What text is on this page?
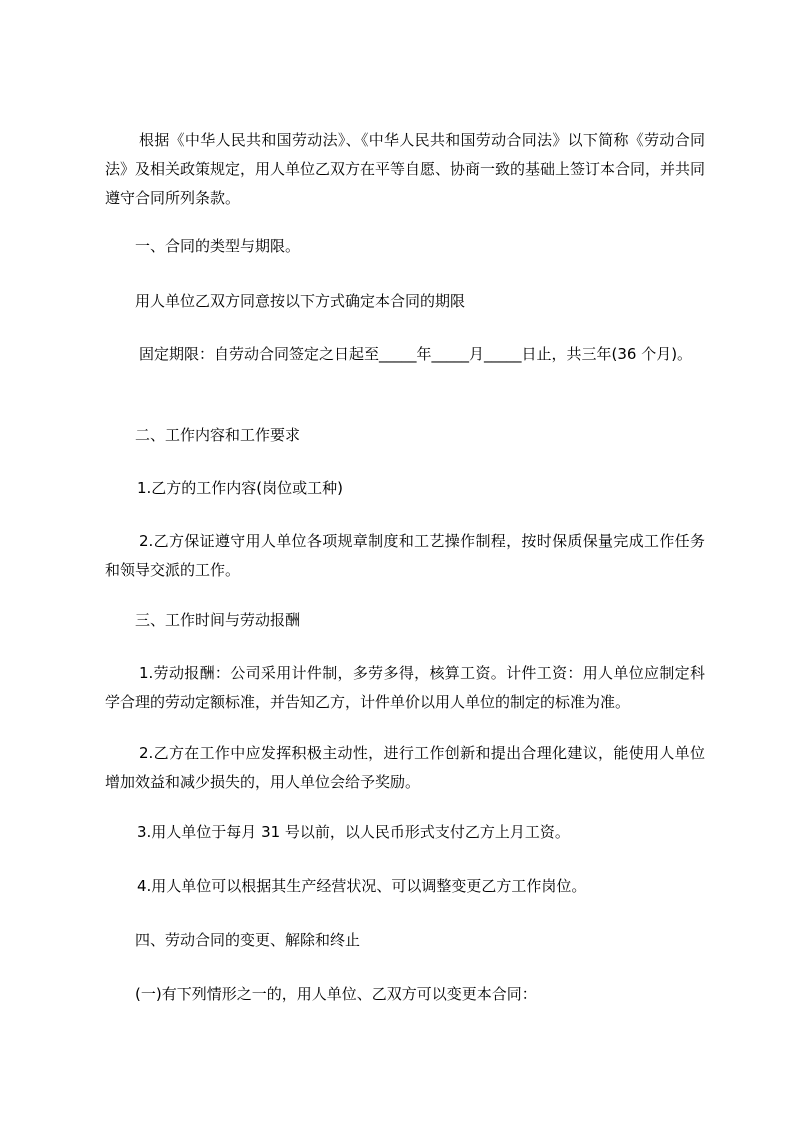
根据《中华人民共和国劳动法》、《中华人民共和国劳动合同法》以下简称《劳动合同法》及相关政策规定，用人单位乙双方在平等自愿、协商一致的基础上签订本合同，并共同遵守合同所列条款。

一、合同的类型与期限。

用人单位乙双方同意按以下方式确定本合同的期限

固定期限：自劳动合同签定之日起至_____年_____月_____日止，共三年(36 个月)。

二、工作内容和工作要求

1.乙方的工作内容(岗位或工种)

2.乙方保证遵守用人单位各项规章制度和工艺操作制程，按时保质保量完成工作任务和领导交派的工作。

三、工作时间与劳动报酬

1.劳动报酬：公司采用计件制，多劳多得，核算工资。计件工资：用人单位应制定科学合理的劳动定额标准，并告知乙方，计件单价以用人单位的制定的标准为准。

2.乙方在工作中应发挥积极主动性，进行工作创新和提出合理化建议，能使用人单位增加效益和减少损失的，用人单位会给予奖励。

3.用人单位于每月 31 号以前，以人民币形式支付乙方上月工资。

4.用人单位可以根据其生产经营状况、可以调整变更乙方工作岗位。

四、劳动合同的变更、解除和终止

(一)有下列情形之一的，用人单位、乙双方可以变更本合同：
